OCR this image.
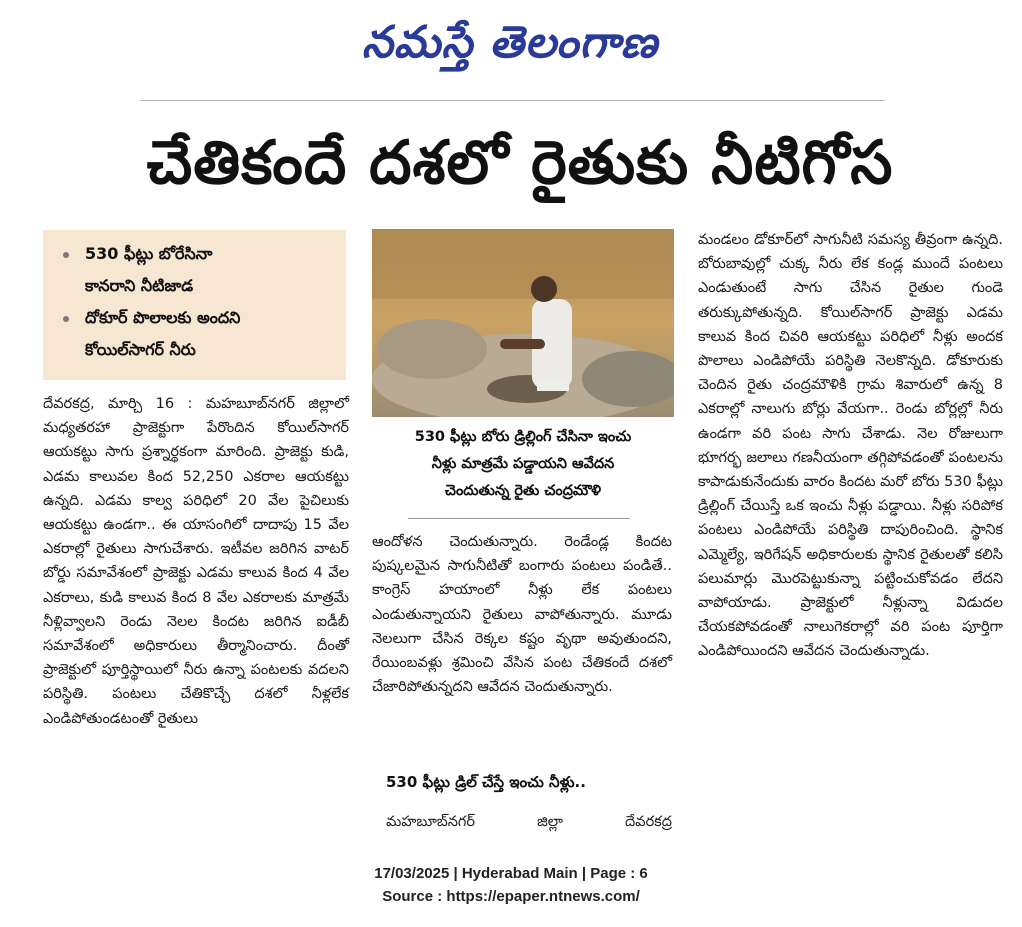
నమస్తే తెలంగాణ
చేతికందే దశలో రైతుకు నీటిగోస
530 ఫీట్లు బోరేసినా
కానరాని నీటిజాడ
దోకూర్ పొలాలకు అందని
కోయిల్‌సాగర్ నీరు

దేవరకద్ర, మార్చి 16 : మహబూబ్‌నగర్ జిల్లాలో మధ్యతరహా ప్రాజెక్టుగా పేరొందిన కోయిల్‌సాగర్ ఆయకట్టు సాగు ప్రశ్నార్థకంగా మారింది. ప్రాజెక్టు కుడి, ఎడమ కాలువల కింద 52,250 ఎకరాల ఆయకట్టు ఉన్నది. ఎడమ కాల్వ పరిధిలో 20 వేల పైచిలుకు ఆయకట్టు ఉండగా.. ఈ యాసంగిలో దాదాపు 15 వేల ఎకరాల్లో రైతులు సాగుచేశారు. ఇటీవల జరిగిన వాటర్ బోర్డు సమావేశంలో ప్రాజెక్టు ఎడమ కాలువ కింద 4 వేల ఎకరాలు, కుడి కాలువ కింద 8 వేల ఎకరాలకు మాత్రమే నీళ్లివ్వాలని రెండు నెలల కిందట జరిగిన ఐడీబీ సమావేశంలో అధికారులు తీర్మానించారు. దీంతో ప్రాజెక్టులో పూర్తిస్థాయిలో నీరు ఉన్నా పంటలకు వదలని పరిస్థితి. పంటలు చేతికొచ్చే దశలో నీళ్లలేక ఎండిపోతుండటంతో రైతులు

530 ఫీట్లు బోరు డ్రిల్లింగ్ చేసినా ఇంచు
నీళ్లు మాత్రమే పడ్డాయని ఆవేదన
చెందుతున్న రైతు చంద్రమౌళి

ఆందోళన చెందుతున్నారు. రెండేండ్ల కిందట పుష్కలమైన సాగునీటితో బంగారు పంటలు పండితే.. కాంగ్రెస్ హయాంలో నీళ్లు లేక పంటలు ఎండుతున్నాయని రైతులు వాపోతున్నారు. మూడు నెలలుగా చేసిన రెక్కల కష్టం వృథా అవుతుందని, రేయింబవళ్లు శ్రమించి వేసిన పంట చేతికందే దశలో చేజారిపోతున్నదని ఆవేదన చెందుతున్నారు.

530 ఫీట్లు డ్రిల్ చేస్తే ఇంచు నీళ్లు..
మహబూబ్‌నగర్	జిల్లా	దేవరకద్ర

మండలం డోకూర్‌లో సాగునీటి సమస్య తీవ్రంగా ఉన్నది. బోరుబావుల్లో చుక్క నీరు లేక కండ్ల ముందే పంటలు ఎండుతుంటే సాగు చేసిన రైతుల గుండె తరుక్కుపోతున్నది. కోయిల్‌సాగర్ ప్రాజెక్టు ఎడమ కాలువ కింద చివరి ఆయకట్టు పరిధిలో నీళ్లు అందక పొలాలు ఎండిపోయే పరిస్థితి నెలకొన్నది. డోకూరుకు చెందిన రైతు చంద్రమౌళికి గ్రామ శివారులో ఉన్న 8 ఎకరాల్లో నాలుగు బోర్లు వేయగా.. రెండు బోర్లల్లో నీరు ఉండగా వరి పంట సాగు చేశాడు. నెల రోజులుగా భూగర్భ జలాలు గణనీయంగా తగ్గిపోవడంతో పంటలను కాపాడుకునేందుకు వారం కిందట మరో బోరు 530 ఫీట్లు డ్రిల్లింగ్ చేయిస్తే ఒక ఇంచు నీళ్లు పడ్డాయి. నీళ్లు సరిపోక పంటలు ఎండిపోయే పరిస్థితి దాపురించింది. స్థానిక ఎమ్మెల్యే, ఇరిగేషన్ అధికారులకు స్థానిక రైతులతో కలిసి పలుమార్లు మొరపెట్టుకున్నా పట్టించుకోవడం లేదని వాపోయాడు. ప్రాజెక్టులో నీళ్లున్నా విడుదల చేయకపోవడంతో నాలుగెకరాల్లో వరి పంట పూర్తిగా ఎండిపోయిందని ఆవేదన చెందుతున్నాడు.

17/03/2025 | Hyderabad Main | Page : 6
Source : https://epaper.ntnews.com/
